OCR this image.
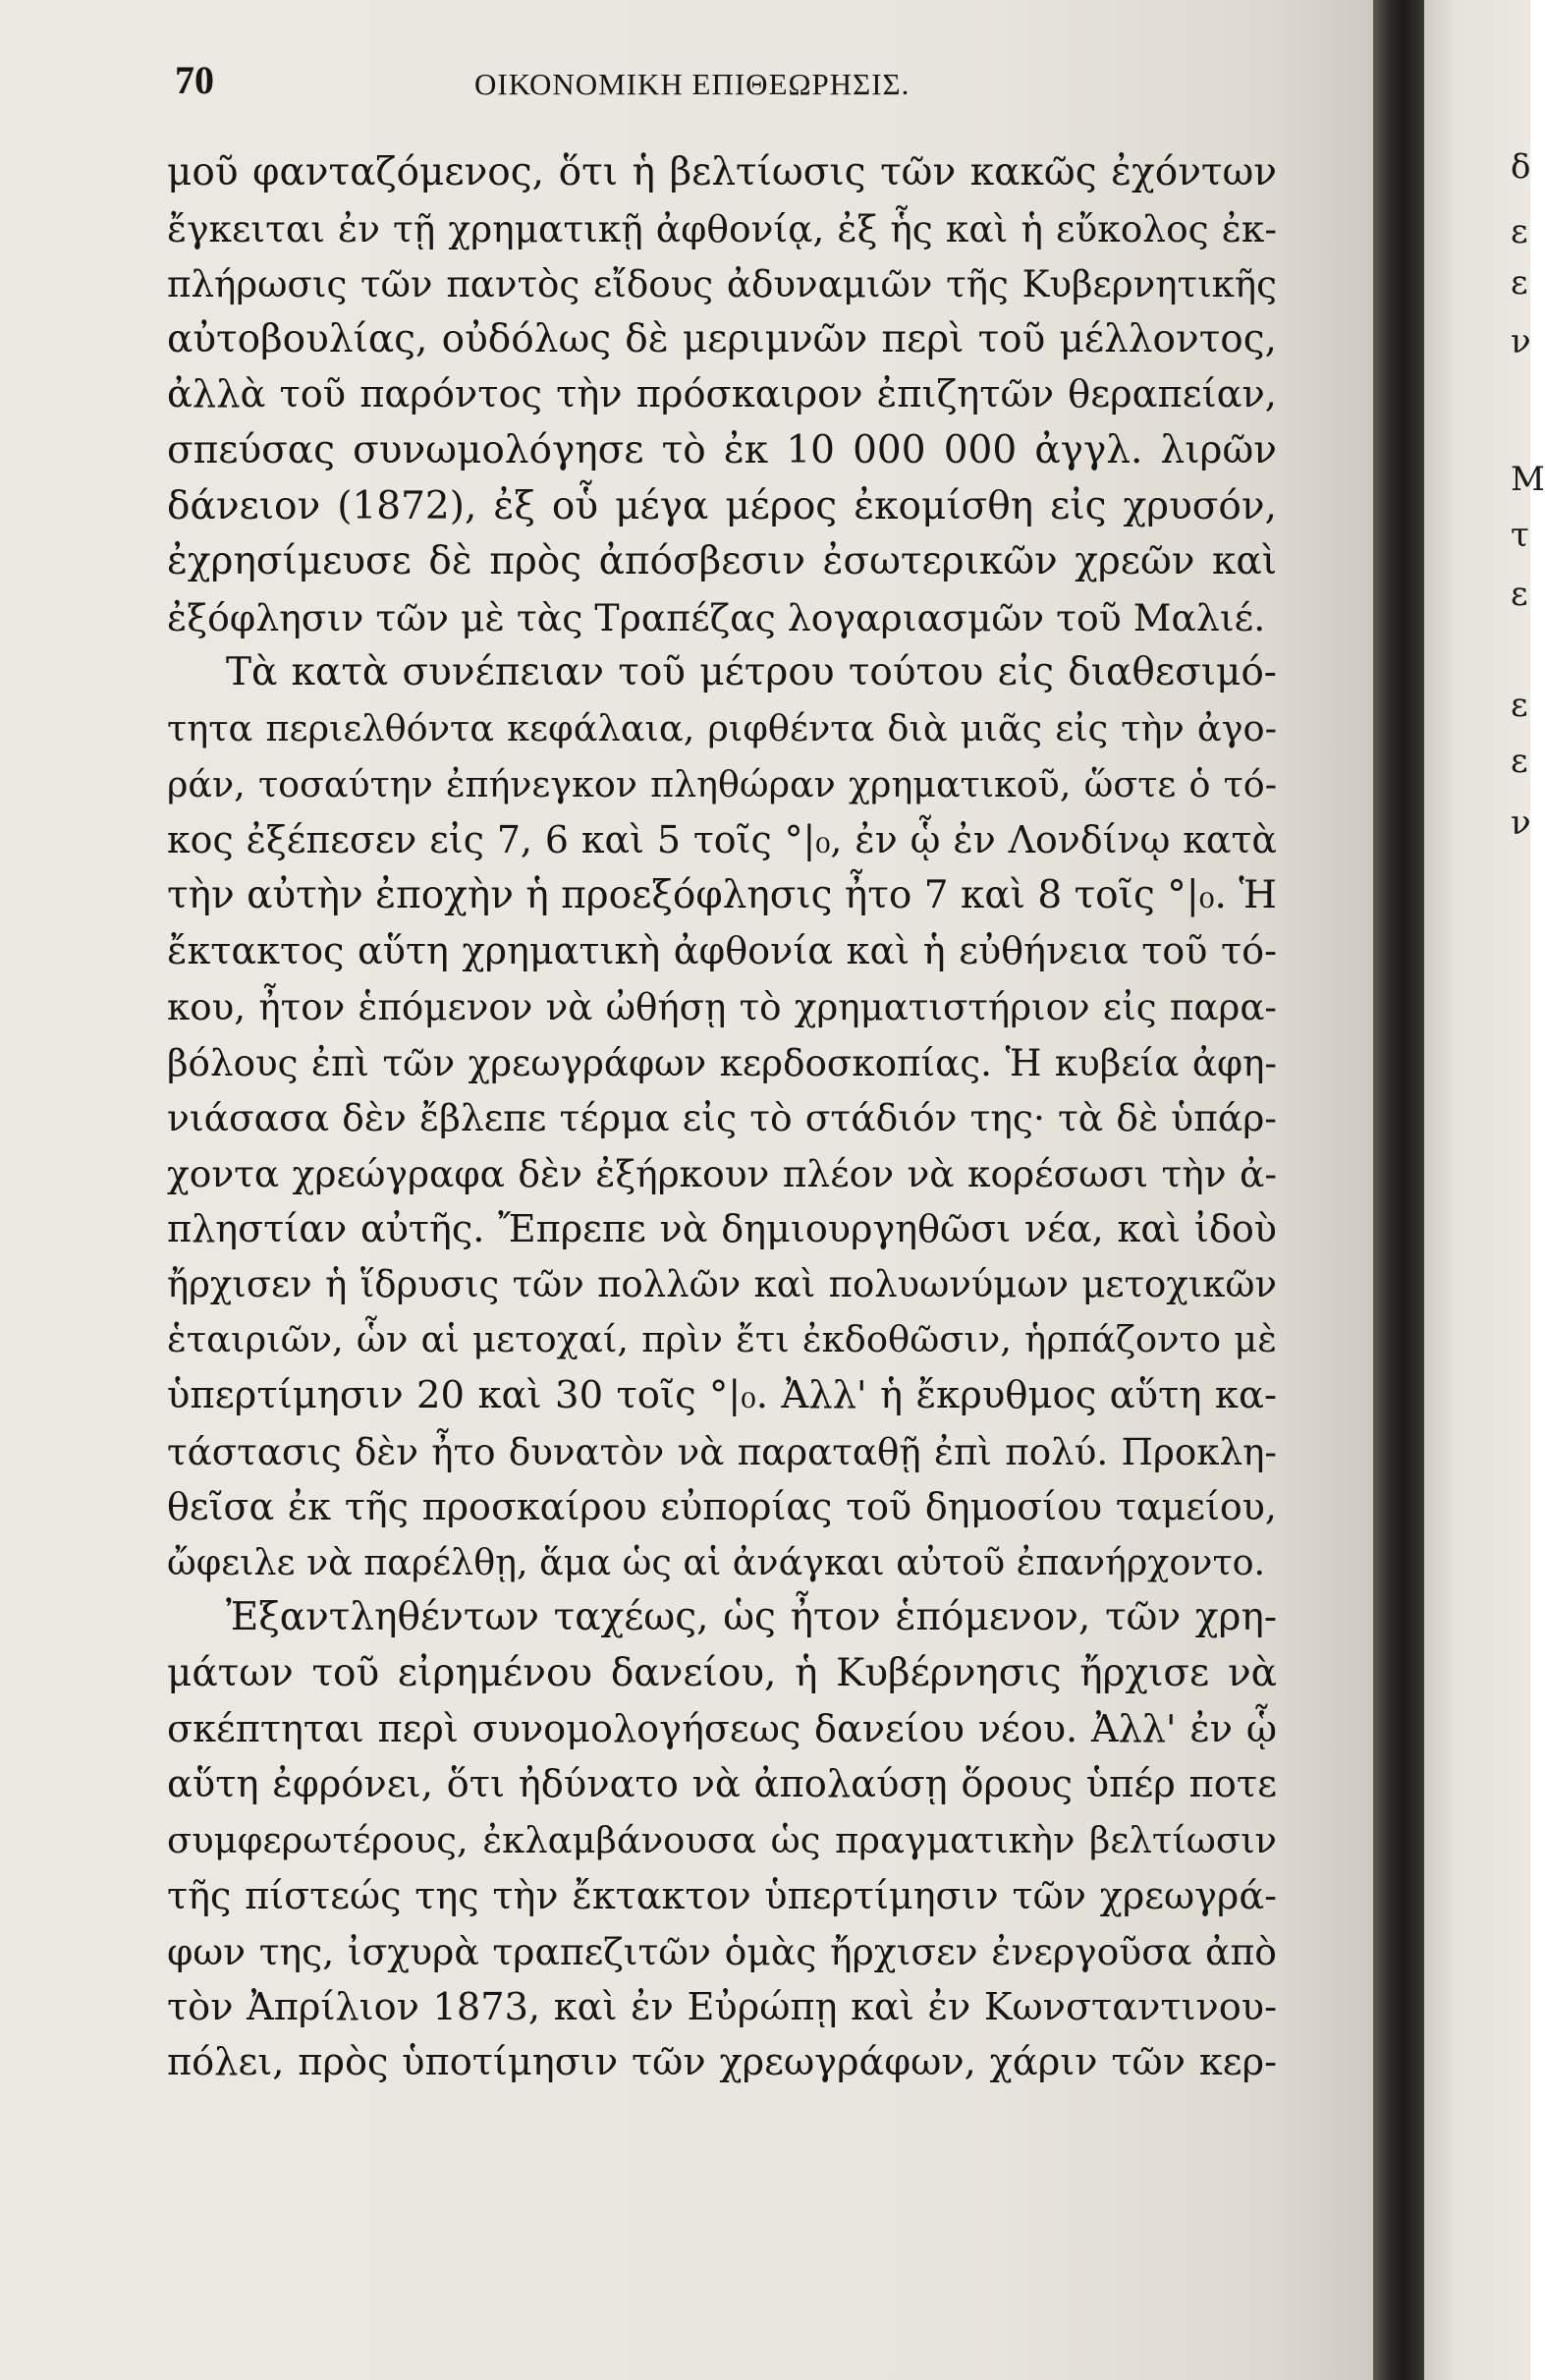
δ
ε
ε
ν
Μ
τ
ε
ε
ε
ν
70	ΟΙΚΟΝΟΜΙΚΗ ΕΠΙΘΕΩΡΗΣΙΣ.
μοῦ φανταζόμενος, ὅτι ἡ βελτίωσις τῶν κακῶς ἐχόντων
ἔγκειται ἐν τῇ χρηματικῇ ἀφθονίᾳ, ἐξ ἧς καὶ ἡ εὔκολος ἐκ-
πλήρωσις τῶν παντὸς εἴδους ἀδυναμιῶν τῆς Κυβερνητικῆς
αὐτοβουλίας, οὐδόλως δὲ μεριμνῶν περὶ τοῦ μέλλοντος,
ἀλλὰ τοῦ παρόντος τὴν πρόσκαιρον ἐπιζητῶν θεραπείαν,
σπεύσας συνωμολόγησε τὸ ἐκ 10 000 000 ἀγγλ. λιρῶν
δάνειον (1872), ἐξ οὗ μέγα μέρος ἐκομίσθη εἰς χρυσόν,
ἐχρησίμευσε δὲ πρὸς ἀπόσβεσιν ἐσωτερικῶν χρεῶν καὶ
ἐξόφλησιν τῶν μὲ τὰς Τραπέζας λογαριασμῶν τοῦ Μαλιέ.
Τὰ κατὰ συνέπειαν τοῦ μέτρου τούτου εἰς διαθεσιμό-
τητα περιελθόντα κεφάλαια, ριφθέντα διὰ μιᾶς εἰς τὴν ἀγο-
ράν, τοσαύτην ἐπήνεγκον πληθώραν χρηματικοῦ, ὥστε ὁ τό-
κος ἐξέπεσεν εἰς 7, 6 καὶ 5 τοῖς °|₀, ἐν ᾧ ἐν Λονδίνῳ κατὰ
τὴν αὐτὴν ἐποχὴν ἡ προεξόφλησις ἦτο 7 καὶ 8 τοῖς °|₀. Ἡ
ἔκτακτος αὕτη χρηματικὴ ἀφθονία καὶ ἡ εὐθήνεια τοῦ τό-
κου, ἦτον ἑπόμενον νὰ ὠθήσῃ τὸ χρηματιστήριον εἰς παρα-
βόλους ἐπὶ τῶν χρεωγράφων κερδοσκοπίας. Ἡ κυβεία ἀφη-
νιάσασα δὲν ἔβλεπε τέρμα εἰς τὸ στάδιόν της· τὰ δὲ ὑπάρ-
χοντα χρεώγραφα δὲν ἐξήρκουν πλέον νὰ κορέσωσι τὴν ἀ-
πληστίαν αὐτῆς. Ἔπρεπε νὰ δημιουργηθῶσι νέα, καὶ ἰδοὺ
ἤρχισεν ἡ ἵδρυσις τῶν πολλῶν καὶ πολυωνύμων μετοχικῶν
ἑταιριῶν, ὧν αἱ μετοχαί, πρὶν ἔτι ἐκδοθῶσιν, ἡρπάζοντο μὲ
ὑπερτίμησιν 20 καὶ 30 τοῖς °|₀. Ἀλλ' ἡ ἔκρυθμος αὕτη κα-
τάστασις δὲν ἦτο δυνατὸν νὰ παραταθῇ ἐπὶ πολύ. Προκλη-
θεῖσα ἐκ τῆς προσκαίρου εὐπορίας τοῦ δημοσίου ταμείου,
ὤφειλε νὰ παρέλθῃ, ἅμα ὡς αἱ ἀνάγκαι αὐτοῦ ἐπανήρχοντο.
Ἐξαντληθέντων ταχέως, ὡς ἦτον ἑπόμενον, τῶν χρη-
μάτων τοῦ εἰρημένου δανείου, ἡ Κυβέρνησις ἤρχισε νὰ
σκέπτηται περὶ συνομολογήσεως δανείου νέου. Ἀλλ' ἐν ᾧ
αὕτη ἐφρόνει, ὅτι ἠδύνατο νὰ ἀπολαύσῃ ὅρους ὑπέρ ποτε
συμφερωτέρους, ἐκλαμβάνουσα ὡς πραγματικὴν βελτίωσιν
τῆς πίστεώς της τὴν ἔκτακτον ὑπερτίμησιν τῶν χρεωγρά-
φων της, ἰσχυρὰ τραπεζιτῶν ὁμὰς ἤρχισεν ἐνεργοῦσα ἀπὸ
τὸν Ἀπρίλιον 1873, καὶ ἐν Εὐρώπῃ καὶ ἐν Κωνσταντινου-
πόλει, πρὸς ὑποτίμησιν τῶν χρεωγράφων, χάριν τῶν κερ-
